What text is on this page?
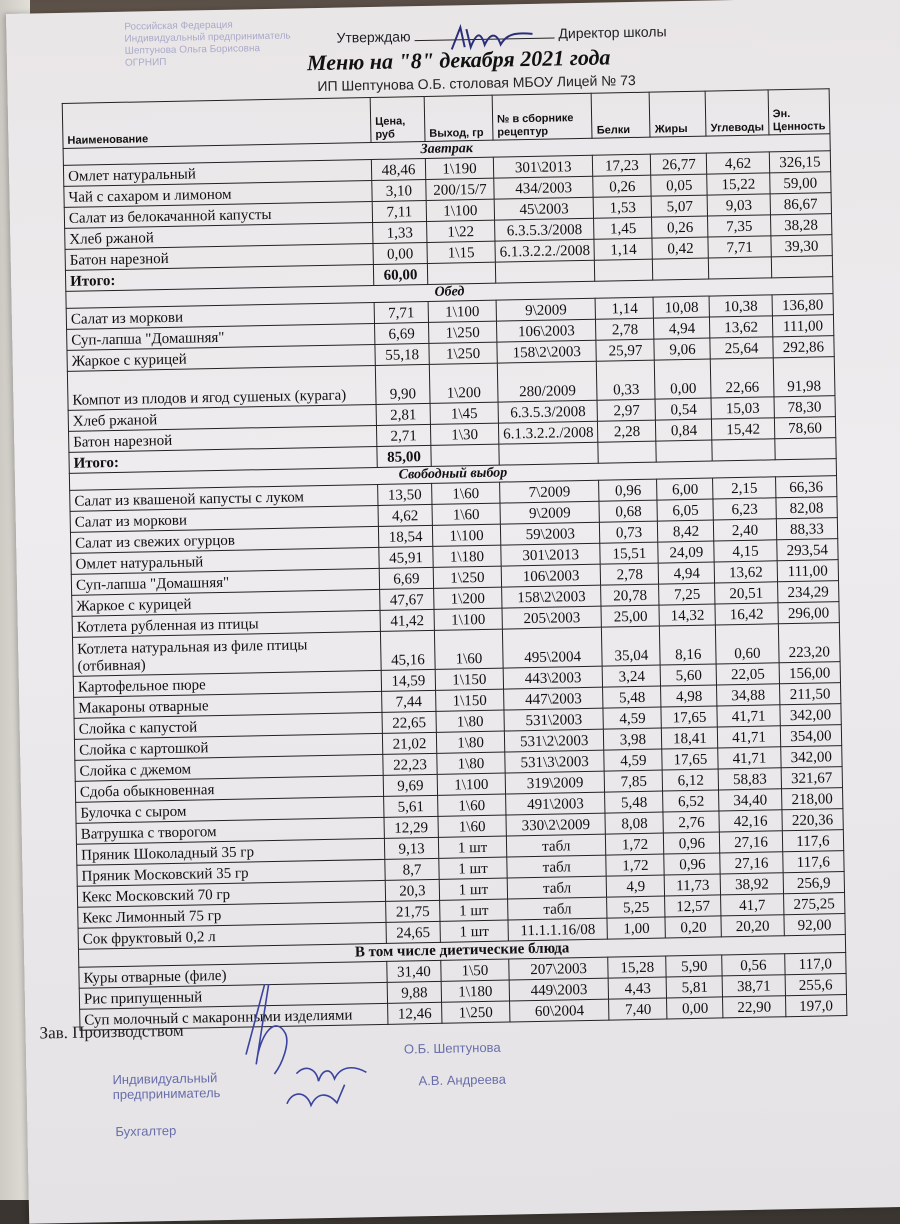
Российская Федерация
Индивидуальный предприниматель
Шептунова Ольга Борисовна
ОГРНИП
Утверждаю	Директор школы
Меню на "8" декабря 2021 года
ИП Шептунова О.Б. столовая МБОУ Лицей № 73
Наименование	Цена, руб	Выход, гр	№ в сборнике рецептур	Белки	Жиры	Углеводы	Эн. Ценность
Завтрак							
Омлет натуральный	48,46	1\190	301\2013	17,23	26,77	4,62	326,15
Чай с сахаром и лимоном	3,10	200/15/7	434/2003	0,26	0,05	15,22	59,00
Салат из белокачанной капусты	7,11	1\100	45\2003	1,53	5,07	9,03	86,67
Хлеб ржаной	1,33	1\22	6.3.5.3/2008	1,45	0,26	7,35	38,28
Батон нарезной	0,00	1\15	6.1.3.2.2./2008	1,14	0,42	7,71	39,30
Итого:	60,00						
Обед							
Салат из моркови	7,71	1\100	9\2009	1,14	10,08	10,38	136,80
Суп-лапша "Домашняя"	6,69	1\250	106\2003	2,78	4,94	13,62	111,00
Жаркое с курицей	55,18	1\250	158\2\2003	25,97	9,06	25,64	292,86
Компот из плодов и ягод сушеных (курага)	9,90	1\200	280/2009	0,33	0,00	22,66	91,98
Хлеб ржаной	2,81	1\45	6.3.5.3/2008	2,97	0,54	15,03	78,30
Батон нарезной	2,71	1\30	6.1.3.2.2./2008	2,28	0,84	15,42	78,60
Итого:	85,00						
Свободный выбор							
Салат из квашеной капусты с луком	13,50	1\60	7\2009	0,96	6,00	2,15	66,36
Салат из моркови	4,62	1\60	9\2009	0,68	6,05	6,23	82,08
Салат из свежих огурцов	18,54	1\100	59\2003	0,73	8,42	2,40	88,33
Омлет натуральный	45,91	1\180	301\2013	15,51	24,09	4,15	293,54
Суп-лапша "Домашняя"	6,69	1\250	106\2003	2,78	4,94	13,62	111,00
Жаркое с курицей	47,67	1\200	158\2\2003	20,78	7,25	20,51	234,29
Котлета рубленная из птицы	41,42	1\100	205\2003	25,00	14,32	16,42	296,00
Котлета натуральная из филе птицы (отбивная)	45,16	1\60	495\2004	35,04	8,16	0,60	223,20
Картофельное пюре	14,59	1\150	443\2003	3,24	5,60	22,05	156,00
Макароны отварные	7,44	1\150	447\2003	5,48	4,98	34,88	211,50
Слойка с капустой	22,65	1\80	531\2003	4,59	17,65	41,71	342,00
Слойка с картошкой	21,02	1\80	531\2\2003	3,98	18,41	41,71	354,00
Слойка с джемом	22,23	1\80	531\3\2003	4,59	17,65	41,71	342,00
Сдоба обыкновенная	9,69	1\100	319\2009	7,85	6,12	58,83	321,67
Булочка с сыром	5,61	1\60	491\2003	5,48	6,52	34,40	218,00
Ватрушка с творогом	12,29	1\60	330\2\2009	8,08	2,76	42,16	220,36
Пряник Шоколадный 35 гр	9,13	1 шт	табл	1,72	0,96	27,16	117,6
Пряник Московский 35 гр	8,7	1 шт	табл	1,72	0,96	27,16	117,6
Кекс Московский 70 гр	20,3	1 шт	табл	4,9	11,73	38,92	256,9
Кекс Лимонный 75 гр	21,75	1 шт	табл	5,25	12,57	41,7	275,25
Сок фруктовый 0,2 л	24,65	1 шт	11.1.1.16/08	1,00	0,20	20,20	92,00
В том числе диетические блюда							
Куры отварные (филе)	31,40	1\50	207\2003	15,28	5,90	0,56	117,0
Рис припущенный	9,88	1\180	449\2003	4,43	5,81	38,71	255,6
Суп молочный с макаронными изделиями	12,46	1\250	60\2004	7,40	0,00	22,90	197,0
Зав. Производством
О.Б. Шептунова
А.В. Андреева
Индивидуальный предприниматель
Бухгалтер
